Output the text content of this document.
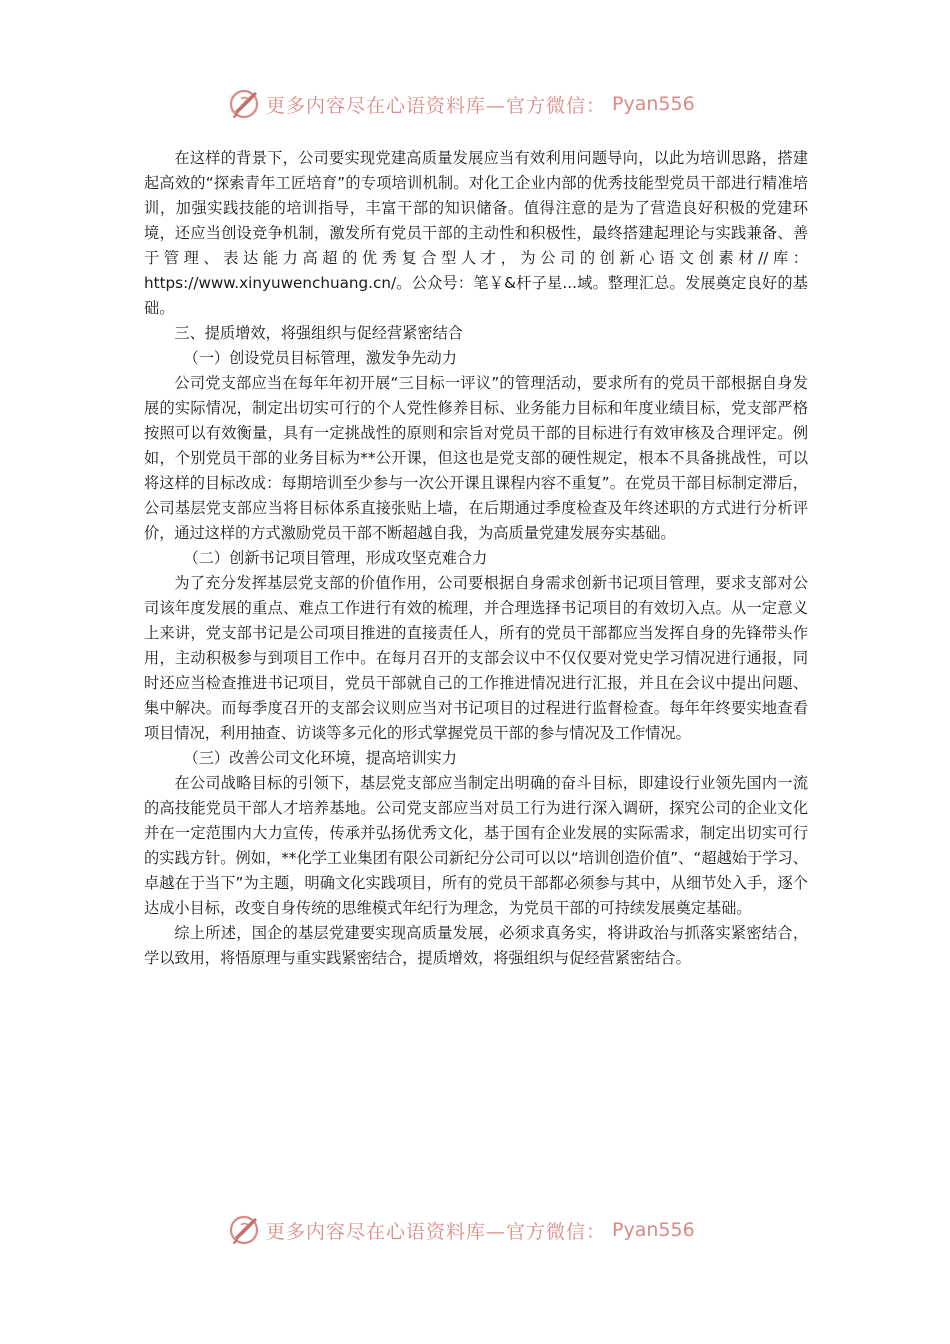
更多内容尽在心语资料库—官方微信： Pyan556

在这样的背景下，公司要实现党建高质量发展应当有效利用问题导向，以此为培训思路，搭建起高效的“探索青年工匠培育”的专项培训机制。对化工企业内部的优秀技能型党员干部进行精准培训，加强实践技能的培训指导，丰富干部的知识储备。值得注意的是为了营造良好积极的党建环境，还应当创设竞争机制，激发所有党员干部的主动性和积极性，最终搭建起理论与实践兼备、善于管理、表达能力高超的优秀复合型人才，为公司的创新心语文创素材//库：https://www.xinyuwenchuang.cn/。公众号：笔￥&杆子星...域。整理汇总。发展奠定良好的基础。

三、提质增效，将强组织与促经营紧密结合

（一）创设党员目标管理，激发争先动力

公司党支部应当在每年年初开展“三目标一评议”的管理活动，要求所有的党员干部根据自身发展的实际情况，制定出切实可行的个人党性修养目标、业务能力目标和年度业绩目标，党支部严格按照可以有效衡量，具有一定挑战性的原则和宗旨对党员干部的目标进行有效审核及合理评定。例如，个别党员干部的业务目标为**公开课，但这也是党支部的硬性规定，根本不具备挑战性，可以将这样的目标改成：每期培训至少参与一次公开课且课程内容不重复”。在党员干部目标制定滞后，公司基层党支部应当将目标体系直接张贴上墙，在后期通过季度检查及年终述职的方式进行分析评价，通过这样的方式激励党员干部不断超越自我，为高质量党建发展夯实基础。

（二）创新书记项目管理，形成攻坚克难合力

为了充分发挥基层党支部的价值作用，公司要根据自身需求创新书记项目管理，要求支部对公司该年度发展的重点、难点工作进行有效的梳理，并合理选择书记项目的有效切入点。从一定意义上来讲，党支部书记是公司项目推进的直接责任人，所有的党员干部都应当发挥自身的先锋带头作用，主动积极参与到项目工作中。在每月召开的支部会议中不仅仅要对党史学习情况进行通报，同时还应当检查推进书记项目，党员干部就自己的工作推进情况进行汇报，并且在会议中提出问题、集中解决。而每季度召开的支部会议则应当对书记项目的过程进行监督检查。每年年终要实地查看项目情况，利用抽查、访谈等多元化的形式掌握党员干部的参与情况及工作情况。

（三）改善公司文化环境，提高培训实力

在公司战略目标的引领下，基层党支部应当制定出明确的奋斗目标，即建设行业领先国内一流的高技能党员干部人才培养基地。公司党支部应当对员工行为进行深入调研，探究公司的企业文化并在一定范围内大力宣传，传承并弘扬优秀文化，基于国有企业发展的实际需求，制定出切实可行的实践方针。例如，**化学工业集团有限公司新纪分公司可以以“培训创造价值”、“超越始于学习、卓越在于当下”为主题，明确文化实践项目，所有的党员干部都必须参与其中，从细节处入手，逐个达成小目标，改变自身传统的思维模式年纪行为理念，为党员干部的可持续发展奠定基础。

综上所述，国企的基层党建要实现高质量发展，必须求真务实，将讲政治与抓落实紧密结合，学以致用，将悟原理与重实践紧密结合，提质增效，将强组织与促经营紧密结合。

更多内容尽在心语资料库—官方微信： Pyan556
